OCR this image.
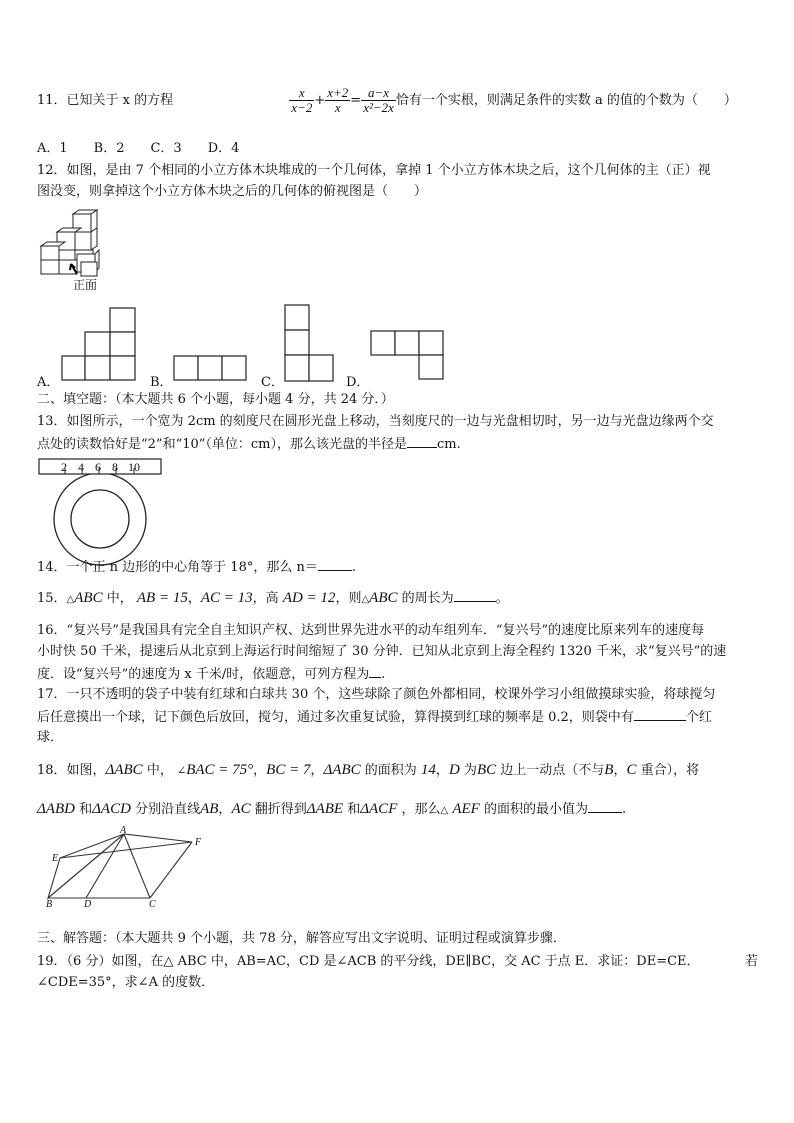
11．已知关于 x 的方程	$\frac{x}{x-2} + \frac{x+2}{x} = \frac{a-x}{\text{x²−2x}}$ 恰有一个实根，则满足条件的实数 a 的值的个数为（　　）
A．1　　B．2　　C．3　　D．4
12．如图，是由 7 个相同的小立方体木块堆成的一个几何体，拿掉 1 个小立方体木块之后，这个几何体的主（正）视
图没变，则拿掉这个小立方体木块之后的几何体的俯视图是（　　）
正面
A．	B．	C．	D．
二、填空题：（本大题共 6 个小题，每小题 4 分，共 24 分．）
13．如图所示，一个宽为 2cm 的刻度尺在圆形光盘上移动，当刻度尺的一边与光盘相切时，另一边与光盘边缘两个交
点处的读数恰好是“2”和“10”（单位：cm），那么该光盘的半径是 cm.
2 4 6 8 10
14．一个正 n 边形的中心角等于 18°，那么 n＝	.
15．△ABC 中， AB = 15，AC = 13，高 AD = 12，则△ABC 的周长为	。
16．“复兴号”是我国具有完全自主知识产权、达到世界先进水平的动车组列车．“复兴号”的速度比原来列车的速度每
小时快 50 千米，提速后从北京到上海运行时间缩短了 30 分钟．已知从北京到上海全程约 1320 千米，求“复兴号”的速
度．设“复兴号”的速度为 x 千米/时，依题意，可列方程为 .
17．一只不透明的袋子中装有红球和白球共 30 个，这些球除了颜色外都相同，校课外学习小组做摸球实验，将球搅匀
后任意摸出一个球，记下颜色后放回，搅匀，通过多次重复试验，算得摸到红球的频率是 0.2，则袋中有	个红
球．
18．如图，ΔABC 中， ∠BAC = 75°，BC = 7，ΔABC 的面积为 14，D 为BC 边上一动点（不与B，C 重合），将
ΔABD 和ΔACD 分别沿直线AB，AC 翻折得到ΔABE 和ΔACF ，那么△ AEF 的面积的最小值为	.
A
E
F
B	D	C
三、解答题：（本大题共 9 个小题，共 78 分，解答应写出文字说明、证明过程或演算步骤．
19．（6 分）如图，在△ ABC 中，AB=AC，CD 是∠ACB 的平分线，DE∥BC，交 AC 于点 E．求证：DE=CE．	若
∠CDE=35°，求∠A 的度数．
